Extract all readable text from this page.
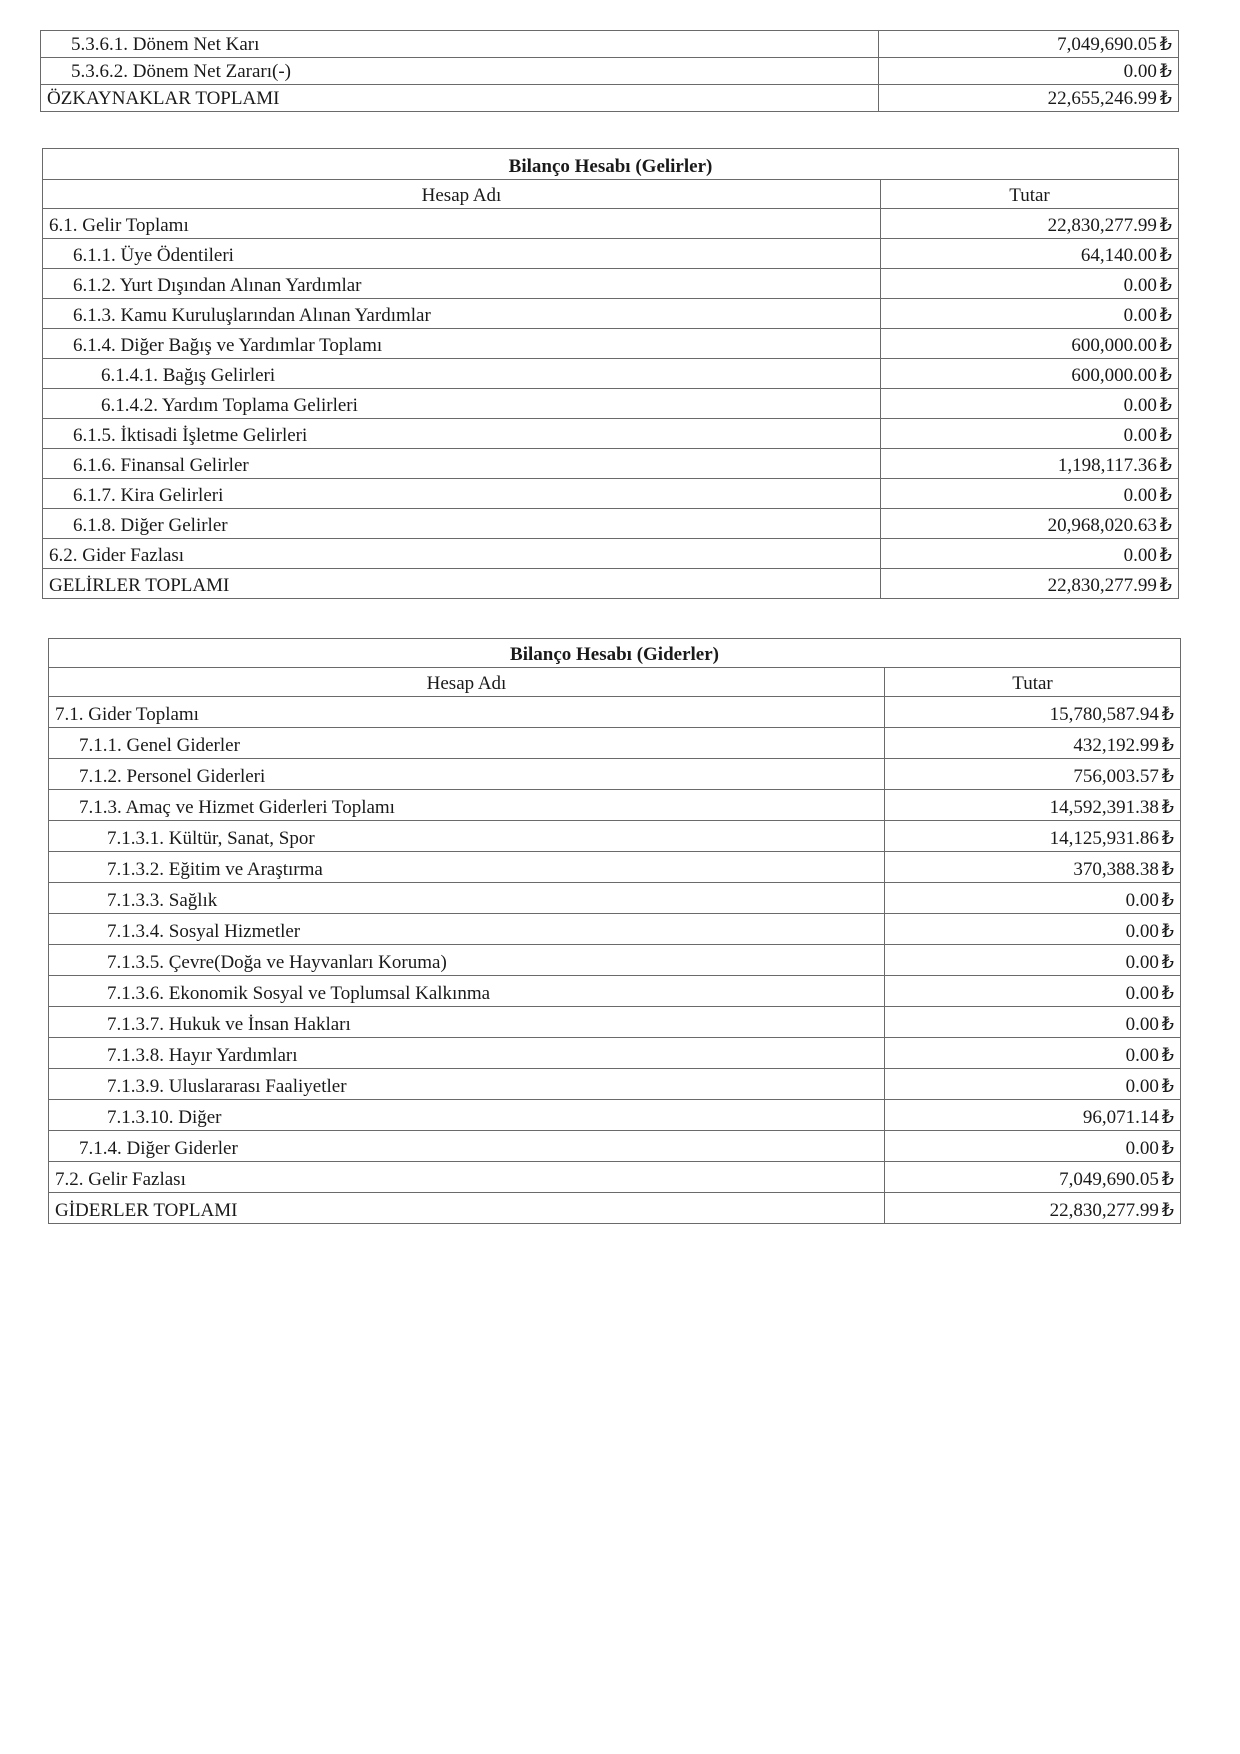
5.3.6.1. Dönem Net Karı	7,049,690.05 ₺
5.3.6.2. Dönem Net Zararı(-)	0.00 ₺
ÖZKAYNAKLAR TOPLAMI	22,655,246.99 ₺
Bilanço Hesabı (Gelirler)	
Hesap Adı	Tutar
6.1. Gelir Toplamı	22,830,277.99 ₺
6.1.1. Üye Ödentileri	64,140.00 ₺
6.1.2. Yurt Dışından Alınan Yardımlar	0.00 ₺
6.1.3. Kamu Kuruluşlarından Alınan Yardımlar	0.00 ₺
6.1.4. Diğer Bağış ve Yardımlar Toplamı	600,000.00 ₺
6.1.4.1. Bağış Gelirleri	600,000.00 ₺
6.1.4.2. Yardım Toplama Gelirleri	0.00 ₺
6.1.5. İktisadi İşletme Gelirleri	0.00 ₺
6.1.6. Finansal Gelirler	1,198,117.36 ₺
6.1.7. Kira Gelirleri	0.00 ₺
6.1.8. Diğer Gelirler	20,968,020.63 ₺
6.2. Gider Fazlası	0.00 ₺
GELİRLER TOPLAMI	22,830,277.99 ₺
Bilanço Hesabı (Giderler)	
Hesap Adı	Tutar
7.1. Gider Toplamı	15,780,587.94 ₺
7.1.1. Genel Giderler	432,192.99 ₺
7.1.2. Personel Giderleri	756,003.57 ₺
7.1.3. Amaç ve Hizmet Giderleri Toplamı	14,592,391.38 ₺
7.1.3.1. Kültür, Sanat, Spor	14,125,931.86 ₺
7.1.3.2. Eğitim ve Araştırma	370,388.38 ₺
7.1.3.3. Sağlık	0.00 ₺
7.1.3.4. Sosyal Hizmetler	0.00 ₺
7.1.3.5. Çevre(Doğa ve Hayvanları Koruma)	0.00 ₺
7.1.3.6. Ekonomik Sosyal ve Toplumsal Kalkınma	0.00 ₺
7.1.3.7. Hukuk ve İnsan Hakları	0.00 ₺
7.1.3.8. Hayır Yardımları	0.00 ₺
7.1.3.9. Uluslararası Faaliyetler	0.00 ₺
7.1.3.10. Diğer	96,071.14 ₺
7.1.4. Diğer Giderler	0.00 ₺
7.2. Gelir Fazlası	7,049,690.05 ₺
GİDERLER TOPLAMI	22,830,277.99 ₺
